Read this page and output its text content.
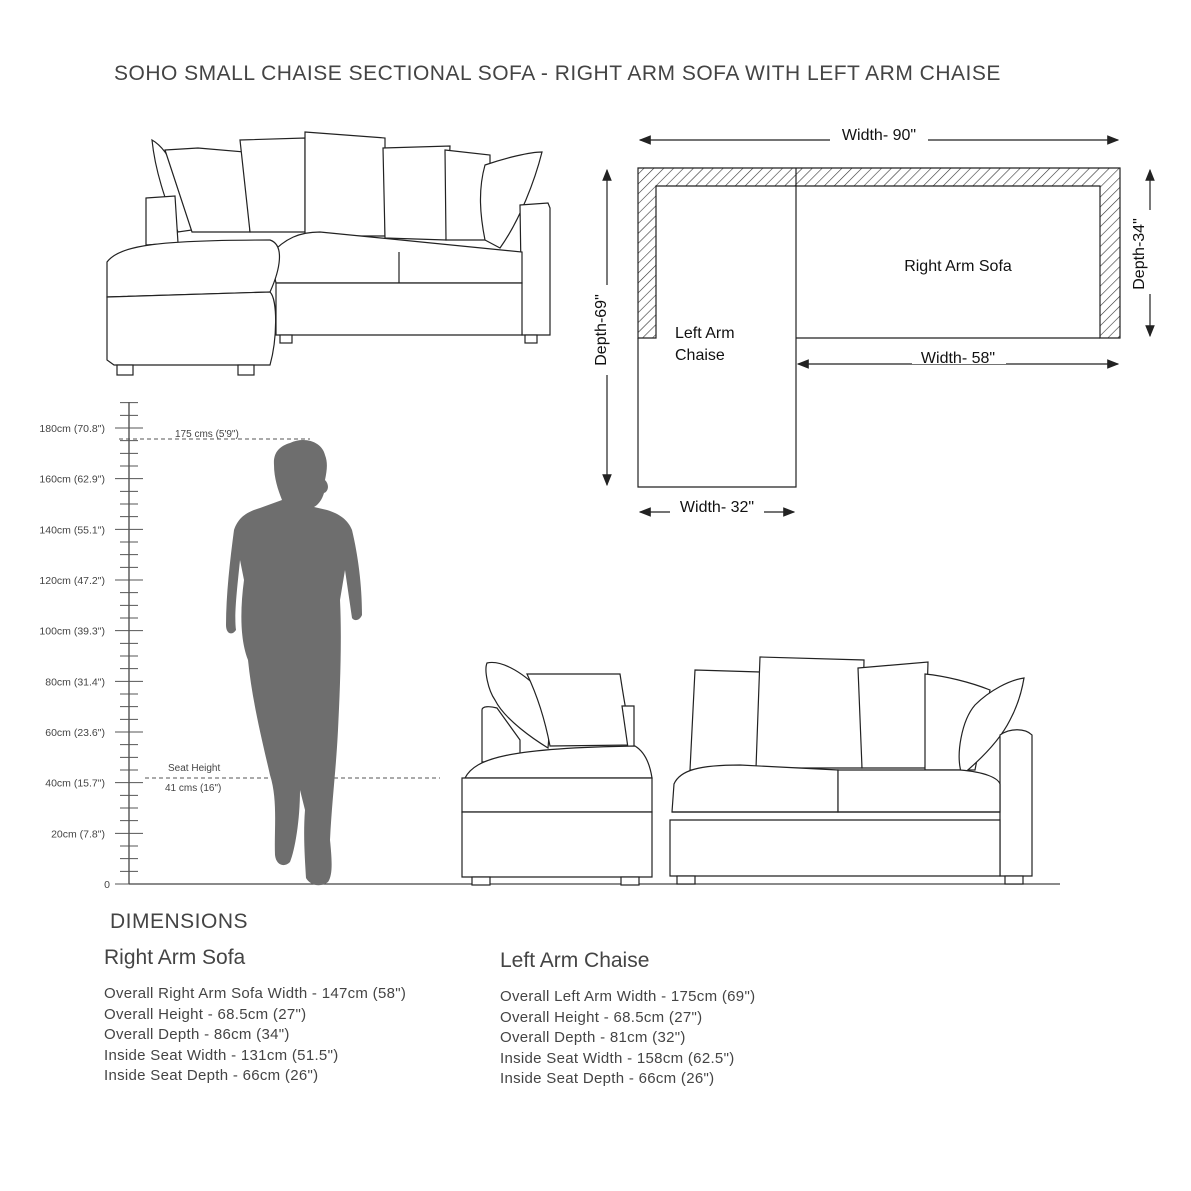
SOHO SMALL CHAISE SECTIONAL SOFA - RIGHT ARM SOFA WITH LEFT ARM CHAISE
Width- 90"
Depth-69"
Depth-34"
Width- 58"
Width- 32"
Right Arm Sofa
Left Arm
Chaise
180cm (70.8")
160cm (62.9")
140cm (55.1")
120cm (47.2")
100cm (39.3")
80cm (31.4")
60cm (23.6")
40cm (15.7")
20cm (7.8")
0
175 cms (5'9")
Seat Height
41 cms (16")
DIMENSIONS
Right Arm Sofa
Overall Right Arm Sofa Width - 147cm (58")
Overall Height - 68.5cm (27")
Overall Depth - 86cm (34")
Inside Seat Width - 131cm (51.5")
Inside Seat Depth - 66cm (26")
Left Arm Chaise
Overall Left Arm Width - 175cm (69")
Overall Height - 68.5cm (27")
Overall Depth - 81cm (32")
Inside Seat Width - 158cm (62.5")
Inside Seat Depth - 66cm (26")
